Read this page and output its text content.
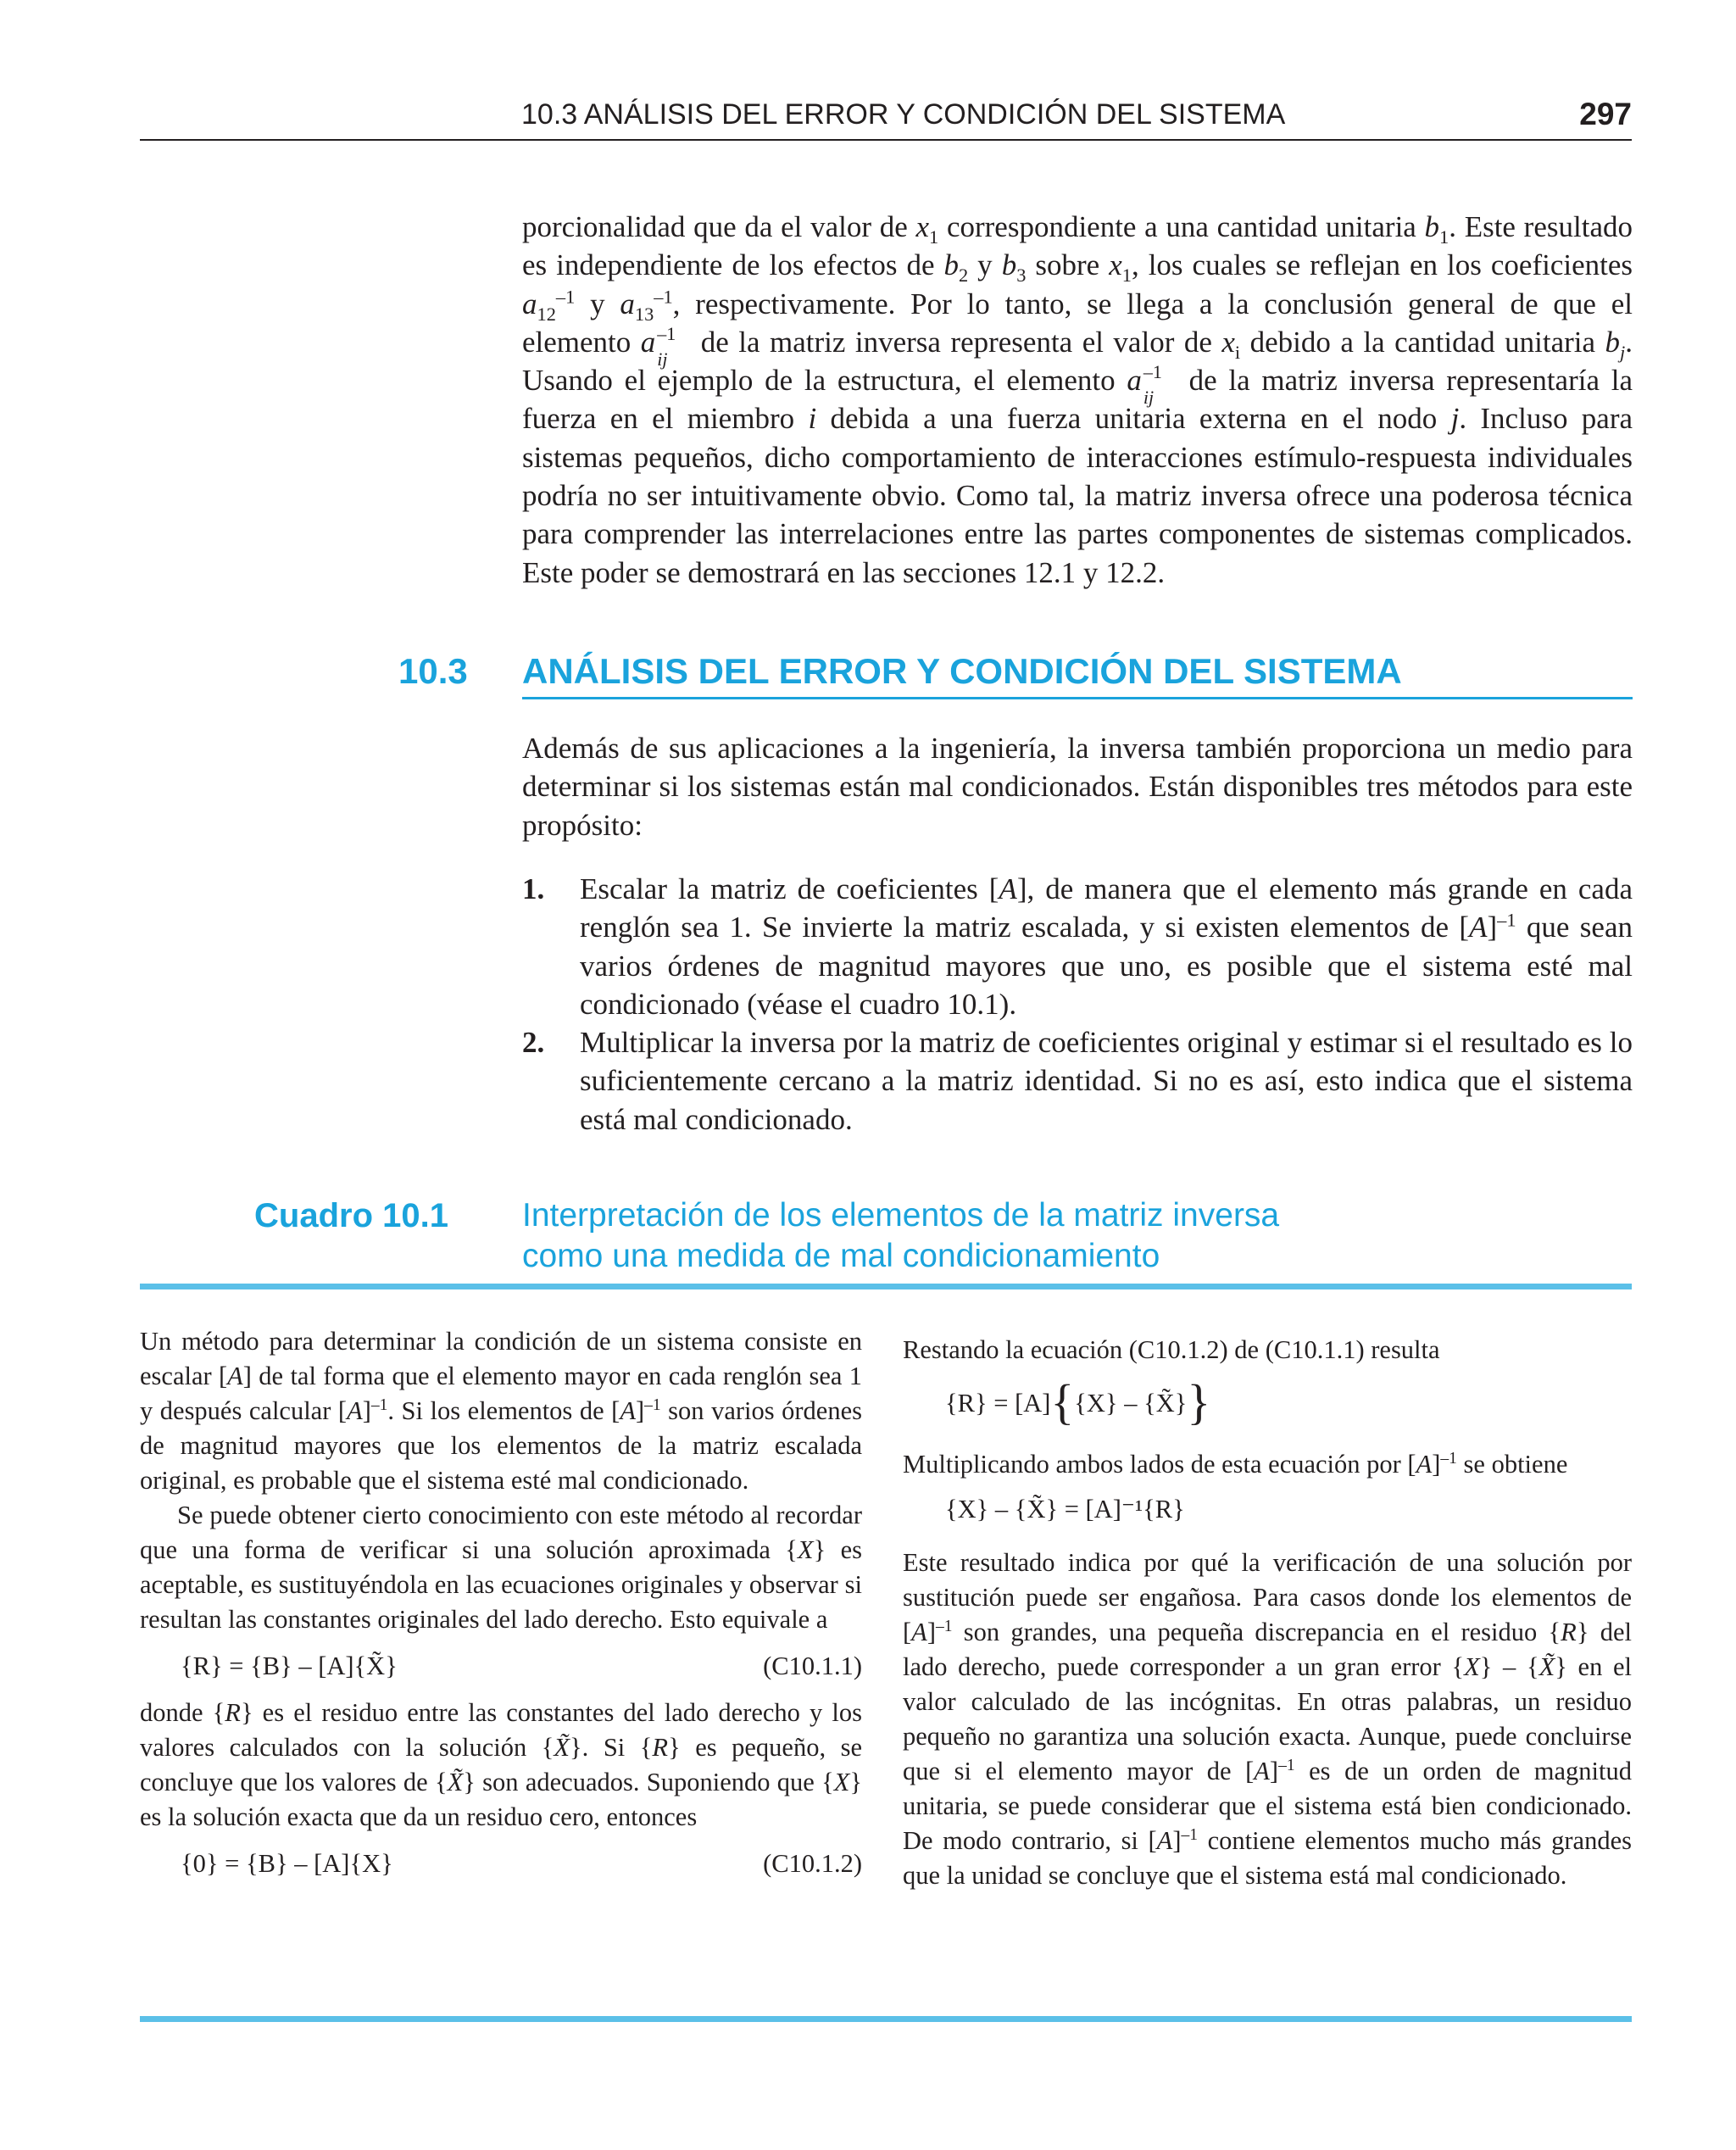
10.3 ANÁLISIS DEL ERROR Y CONDICIÓN DEL SISTEMA	297

porcionalidad que da el valor de $x_1$ correspondiente a una cantidad unitaria $b_1$. Este resultado es independiente de los efectos de $b_2$ y $b_3$ sobre $x_1$, los cuales se reflejan en los coeficientes $a_{12}^{-1}$ y $a_{13}^{-1}$, respectivamente. Por lo tanto, se llega a la conclusión general de que el elemento a –1
ij
de la matriz inversa representa el valor de $x_i$ debido a la cantidad unitaria $b_j$. Usando el ejemplo de la estructura, el elemento a –1
ij
de la matriz inversa representaría la fuerza en el miembro i debida a una fuerza unitaria externa en el nodo j. Incluso para sistemas pequeños, dicho comportamiento de interacciones estímulo-respuesta individuales podría no ser intuitivamente obvio. Como tal, la matriz inversa ofrece una poderosa técnica para comprender las interrelaciones entre las partes componentes de sistemas complicados. Este poder se demostrará en las secciones 12.1 y 12.2.

10.3 ANÁLISIS DEL ERROR Y CONDICIÓN DEL SISTEMA

Además de sus aplicaciones a la ingeniería, la inversa también proporciona un medio para determinar si los sistemas están mal condicionados. Están disponibles tres métodos para este propósito:

1. Escalar la matriz de coeficientes [A], de manera que el elemento más grande en cada renglón sea 1. Se invierte la matriz escalada, y si existen elementos de $[A]^{-1}$ que sean varios órdenes de magnitud mayores que uno, es posible que el sistema esté mal condicionado (véase el cuadro 10.1).
2. Multiplicar la inversa por la matriz de coeficientes original y estimar si el resultado es lo suficientemente cercano a la matriz identidad. Si no es así, esto indica que el sistema está mal condicionado.
Cuadro 10.1 Interpretación de los elementos de la matriz inversa
como una medida de mal condicionamiento

Un método para determinar la condición de un sistema consiste en escalar [A] de tal forma que el elemento mayor en cada renglón sea 1 y después calcular $[A]^{-1}$. Si los elementos de $[A]^{-1}$ son varios órdenes de magnitud mayores que los elementos de la matriz escalada original, es probable que el sistema esté mal condicionado.

Se puede obtener cierto conocimiento con este método al recordar que una forma de verificar si una solución aproximada {X} es aceptable, es sustituyéndola en las ecuaciones originales y observar si resultan las constantes originales del lado derecho. Esto equivale a

{R} = {B} – [A]{X̃}	(C10.1.1)

donde {R} es el residuo entre las constantes del lado derecho y los valores calculados con la solución {X̃}. Si {R} es pequeño, se concluye que los valores de {X̃} son adecuados. Suponiendo que {X} es la solución exacta que da un residuo cero, entonces

{0} = {B} – [A]{X}	(C10.1.2)

Restando la ecuación (C10.1.2) de (C10.1.1) resulta

{R} = [A]{{X} – {X̃}}

Multiplicando ambos lados de esta ecuación por $[A]^{-1}$ se obtiene

{X} – {X̃} = [A]⁻¹{R}

Este resultado indica por qué la verificación de una solución por sustitución puede ser engañosa. Para casos donde los elementos de $[A]^{-1}$ son grandes, una pequeña discrepancia en el residuo {R} del lado derecho, puede corresponder a un gran error {X} – {X̃} en el valor calculado de las incógnitas. En otras palabras, un residuo pequeño no garantiza una solución exacta. Aunque, puede concluirse que si el elemento mayor de $[A]^{-1}$ es de un orden de magnitud unitaria, se puede considerar que el sistema está bien condicionado. De modo contrario, si $[A]^{-1}$ contiene elementos mucho más grandes que la unidad se concluye que el sistema está mal condicionado.
